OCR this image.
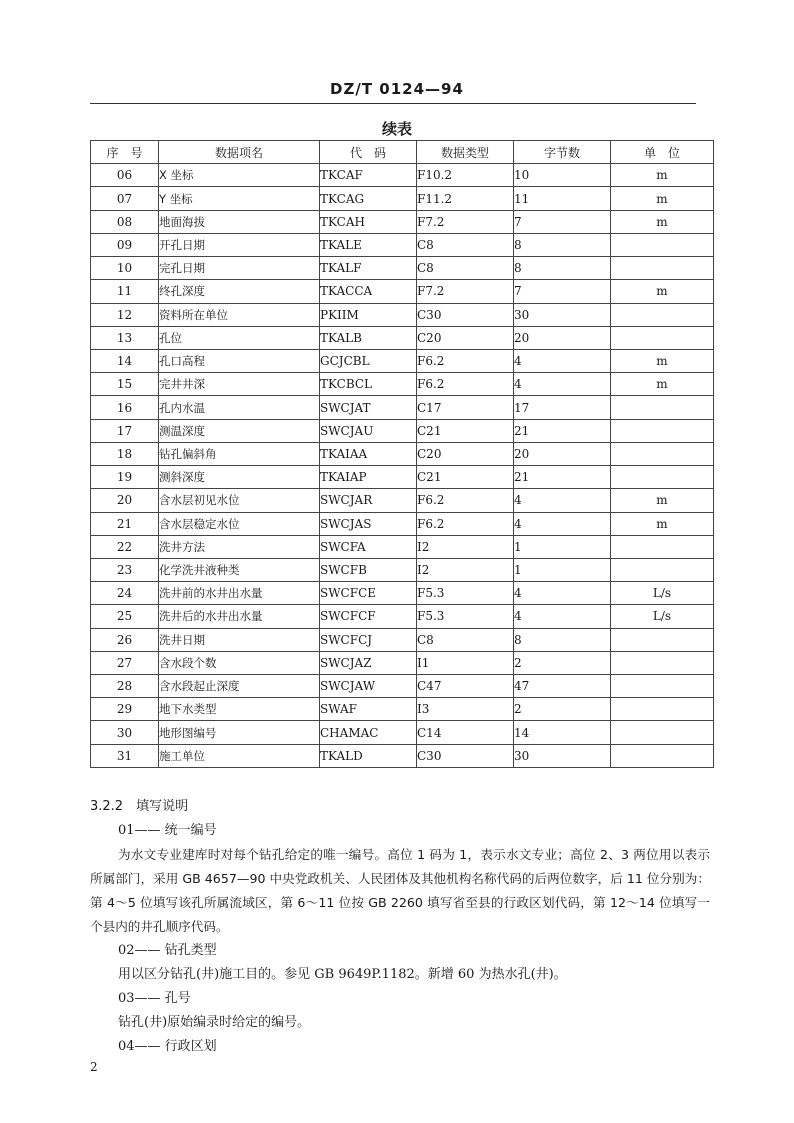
DZ/T 0124—94
续表
序　号	数据项名	代　码	数据类型	字节数	单　位
06	X 坐标	TKCAF	F10.2	10	m
07	Y 坐标	TKCAG	F11.2	11	m
08	地面海拔	TKCAH	F7.2	7	m
09	开孔日期	TKALE	C8	8	
10	完孔日期	TKALF	C8	8	
11	终孔深度	TKACCA	F7.2	7	m
12	资料所在单位	PKIIM	C30	30	
13	孔位	TKALB	C20	20	
14	孔口高程	GCJCBL	F6.2	4	m
15	完井井深	TKCBCL	F6.2	4	m
16	孔内水温	SWCJAT	C17	17	
17	测温深度	SWCJAU	C21	21	
18	钻孔偏斜角	TKAIAA	C20	20	
19	测斜深度	TKAIAP	C21	21	
20	含水层初见水位	SWCJAR	F6.2	4	m
21	含水层稳定水位	SWCJAS	F6.2	4	m
22	洗井方法	SWCFA	I2	1	
23	化学洗井液种类	SWCFB	I2	1	
24	洗井前的水井出水量	SWCFCE	F5.3	4	L/s
25	洗井后的水井出水量	SWCFCF	F5.3	4	L/s
26	洗井日期	SWCFCJ	C8	8	
27	含水段个数	SWCJAZ	I1	2	
28	含水段起止深度	SWCJAW	C47	47	
29	地下水类型	SWAF	I3	2	
30	地形图编号	CHAMAC	C14	14	
31	施工单位	TKALD	C30	30	
3.2.2　填写说明
01—— 统一编号
为水文专业建库时对每个钻孔给定的唯一编号。高位 1 码为 1，表示水文专业；高位 2、3 两位用以表示所属部门，采用 GB 4657—90 中央党政机关、人民团体及其他机构名称代码的后两位数字，后 11 位分别为：第 4～5 位填写该孔所属流域区，第 6～11 位按 GB 2260 填写省至县的行政区划代码，第 12～14 位填写一个县内的井孔顺序代码。
02—— 钻孔类型
用以区分钻孔(井)施工目的。参见 GB 9649P.1182。新增 60 为热水孔(井)。
03—— 孔号
钻孔(井)原始编录时给定的编号。
04—— 行政区划
2
